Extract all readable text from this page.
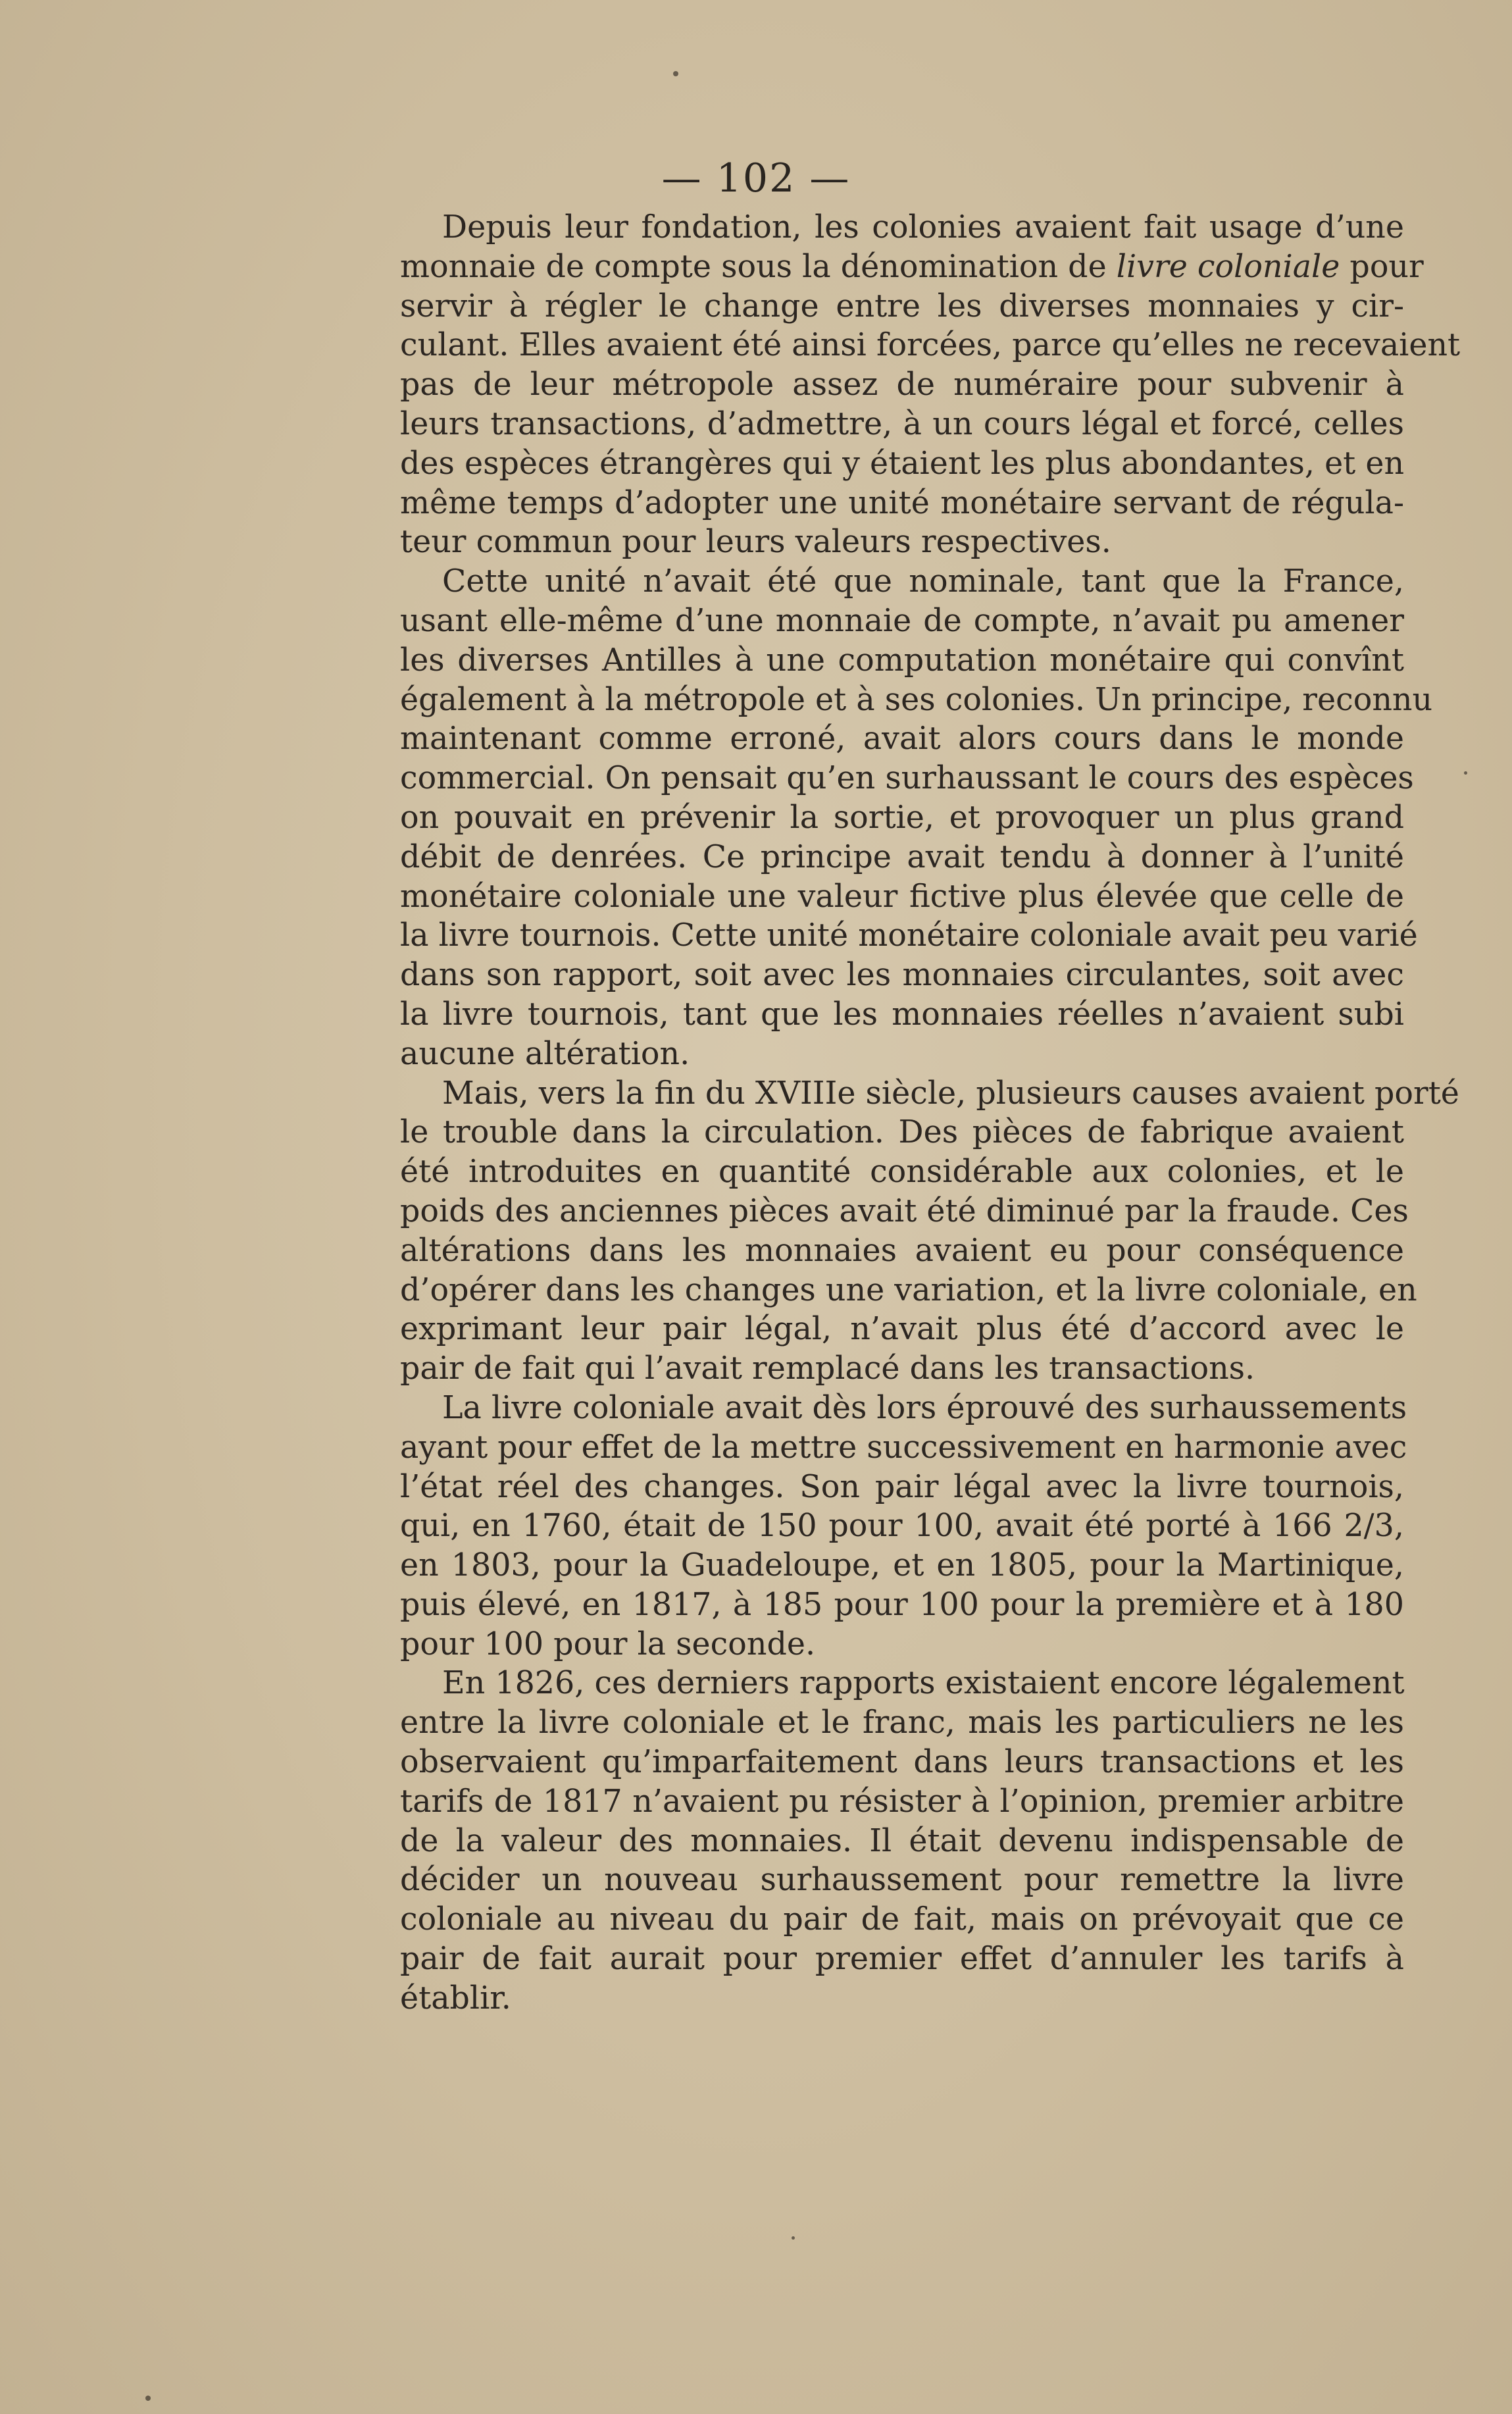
— 102 —
Depuis leur fondation, les colonies avaient fait usage d’une
monnaie de compte sous la dénomination de livre coloniale pour
servir à régler le change entre les diverses monnaies y cir-
culant. Elles avaient été ainsi forcées, parce qu’elles ne recevaient
pas de leur métropole assez de numéraire pour subvenir à
leurs transactions, d’admettre, à un cours légal et forcé, celles
des espèces étrangères qui y étaient les plus abondantes, et en
même temps d’adopter une unité monétaire servant de régula-
teur commun pour leurs valeurs respectives.
Cette unité n’avait été que nominale, tant que la France,
usant elle-même d’une monnaie de compte, n’avait pu amener
les diverses Antilles à une computation monétaire qui convînt
également à la métropole et à ses colonies. Un principe, reconnu
maintenant comme erroné, avait alors cours dans le monde
commercial. On pensait qu’en surhaussant le cours des espèces
on pouvait en prévenir la sortie, et provoquer un plus grand
débit de denrées. Ce principe avait tendu à donner à l’unité
monétaire coloniale une valeur fictive plus élevée que celle de
la livre tournois. Cette unité monétaire coloniale avait peu varié
dans son rapport, soit avec les monnaies circulantes, soit avec
la livre tournois, tant que les monnaies réelles n’avaient subi
aucune altération.
Mais, vers la fin du XVIIIe siècle, plusieurs causes avaient porté
le trouble dans la circulation. Des pièces de fabrique avaient
été introduites en quantité considérable aux colonies, et le
poids des anciennes pièces avait été diminué par la fraude. Ces
altérations dans les monnaies avaient eu pour conséquence
d’opérer dans les changes une variation, et la livre coloniale, en
exprimant leur pair légal, n’avait plus été d’accord avec le
pair de fait qui l’avait remplacé dans les transactions.
La livre coloniale avait dès lors éprouvé des surhaussements
ayant pour effet de la mettre successivement en harmonie avec
l’état réel des changes. Son pair légal avec la livre tournois,
qui, en 1760, était de 150 pour 100, avait été porté à 166 2/3,
en 1803, pour la Guadeloupe, et en 1805, pour la Martinique,
puis élevé, en 1817, à 185 pour 100 pour la première et à 180
pour 100 pour la seconde.
En 1826, ces derniers rapports existaient encore légalement
entre la livre coloniale et le franc, mais les particuliers ne les
observaient qu’imparfaitement dans leurs transactions et les
tarifs de 1817 n’avaient pu résister à l’opinion, premier arbitre
de la valeur des monnaies. Il était devenu indispensable de
décider un nouveau surhaussement pour remettre la livre
coloniale au niveau du pair de fait, mais on prévoyait que ce
pair de fait aurait pour premier effet d’annuler les tarifs à
établir.
